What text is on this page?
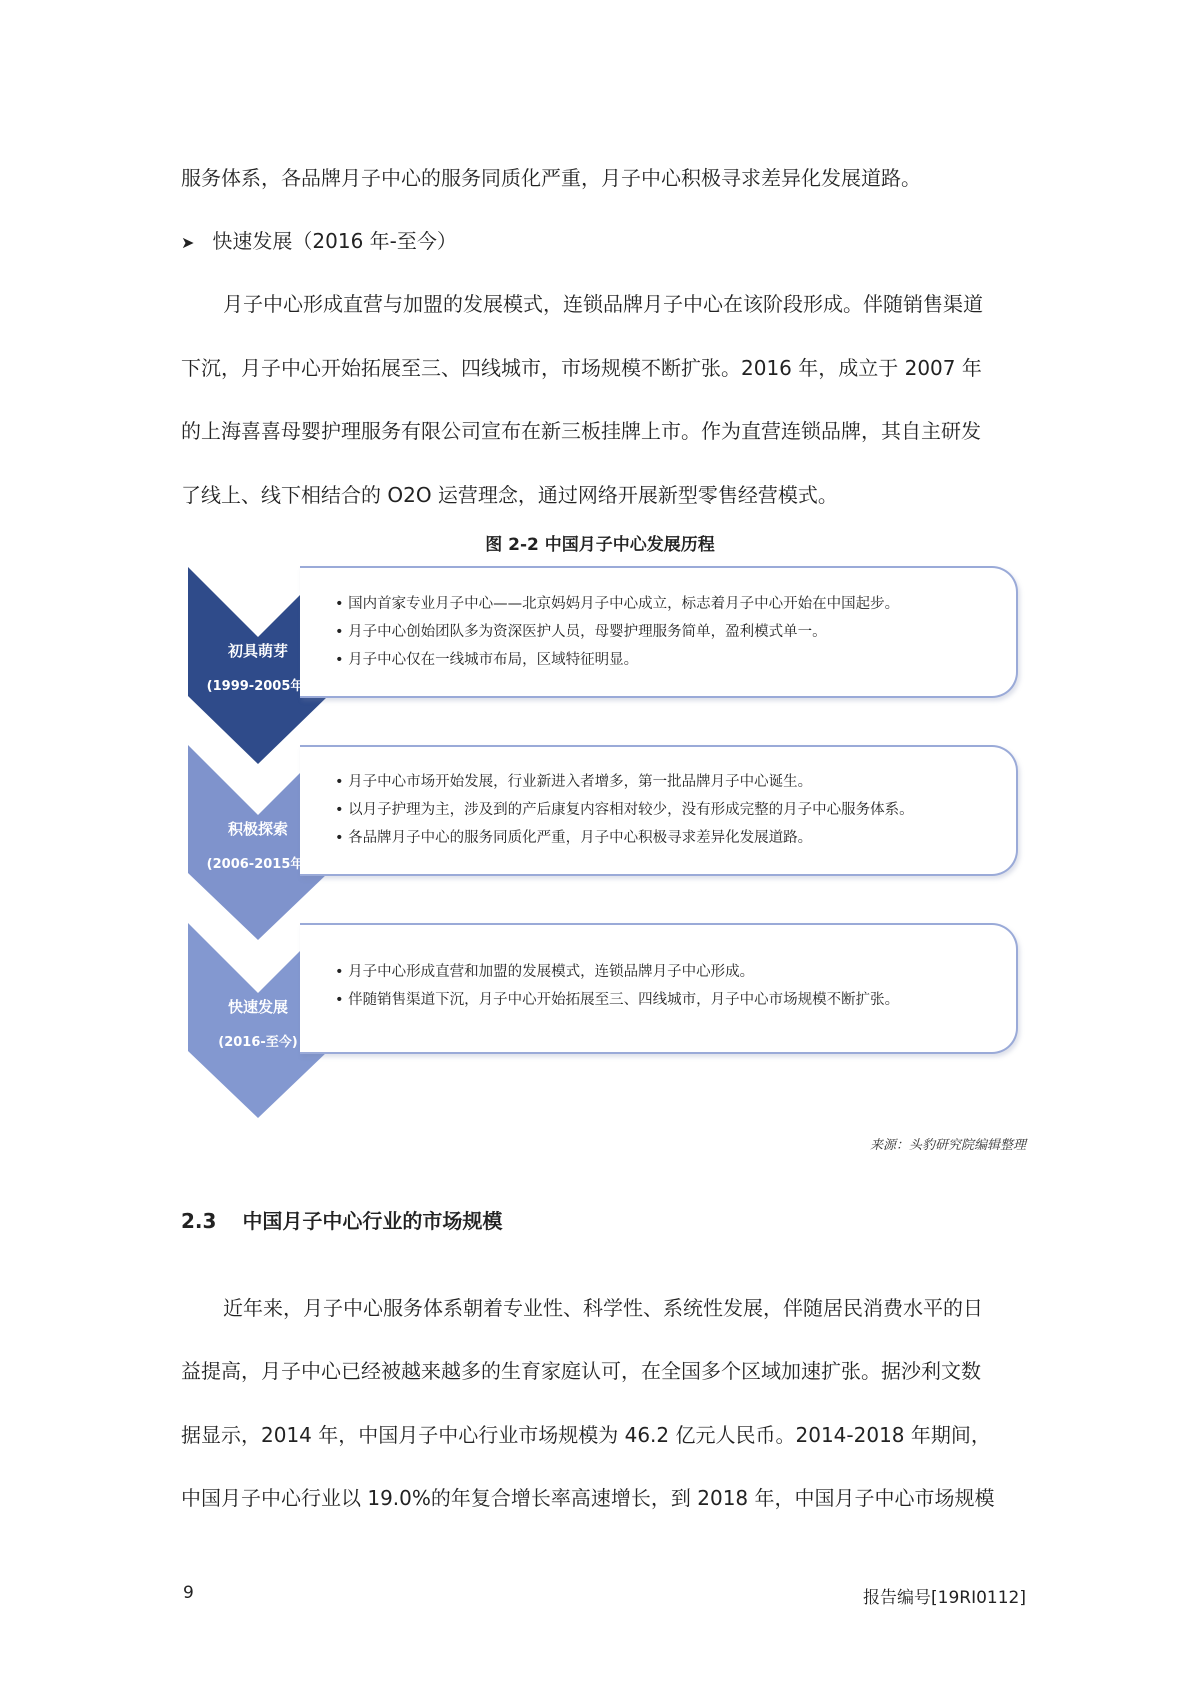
服务体系，各品牌月子中心的服务同质化严重，月子中心积极寻求差异化发展道路。
➤ 快速发展（2016 年-至今）
月子中心形成直营与加盟的发展模式，连锁品牌月子中心在该阶段形成。伴随销售渠道
下沉，月子中心开始拓展至三、四线城市，市场规模不断扩张。2016 年，成立于 2007 年
的上海喜喜母婴护理服务有限公司宣布在新三板挂牌上市。作为直营连锁品牌，其自主研发
了线上、线下相结合的 O2O 运营理念，通过网络开展新型零售经营模式。
图 2-2 中国月子中心发展历程
• 国内首家专业月子中心——北京妈妈月子中心成立，标志着月子中心开始在中国起步。
• 月子中心创始团队多为资深医护人员，母婴护理服务简单，盈利模式单一。
• 月子中心仅在一线城市布局，区域特征明显。
• 月子中心市场开始发展，行业新进入者增多，第一批品牌月子中心诞生。
• 以月子护理为主，涉及到的产后康复内容相对较少，没有形成完整的月子中心服务体系。
• 各品牌月子中心的服务同质化严重，月子中心积极寻求差异化发展道路。
• 月子中心形成直营和加盟的发展模式，连锁品牌月子中心形成。
• 伴随销售渠道下沉，月子中心开始拓展至三、四线城市，月子中心市场规模不断扩张。
初具萌芽
(1999-2005年)
积极探索
(2006-2015年)
快速发展
(2016-至今)
来源：头豹研究院编辑整理
2.3 中国月子中心行业的市场规模
近年来，月子中心服务体系朝着专业性、科学性、系统性发展，伴随居民消费水平的日
益提高，月子中心已经被越来越多的生育家庭认可，在全国多个区域加速扩张。据沙利文数
据显示，2014 年，中国月子中心行业市场规模为 46.2 亿元人民币。2014-2018 年期间，
中国月子中心行业以 19.0%的年复合增长率高速增长，到 2018 年，中国月子中心市场规模
9	报告编号[19RI0112]
